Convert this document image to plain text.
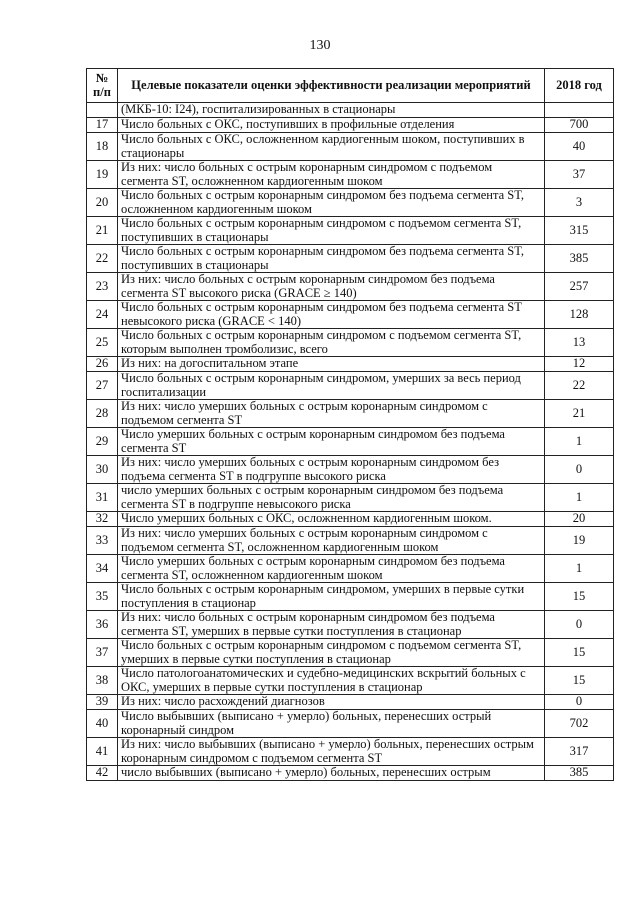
130
№ п/п	Целевые показатели оценки эффективности реализации мероприятий	2018 год
	(МКБ-10: I24), госпитализированных в стационары	
17	Число больных с ОКС, поступивших в профильные отделения	700
18	Число больных с ОКС, осложненном кардиогенным шоком, поступивших в стационары	40
19	Из них: число больных с острым коронарным синдромом с подъемом сегмента ST, осложненном кардиогенным шоком	37
20	Число больных с острым коронарным синдромом без подъема сегмента ST, осложненном кардиогенным шоком	3
21	Число больных с острым коронарным синдромом с подъемом сегмента ST, поступивших в стационары	315
22	Число больных с острым коронарным синдромом без подъема сегмента ST, поступивших в стационары	385
23	Из них: число больных с острым коронарным синдромом без подъема сегмента ST высокого риска (GRACE ≥ 140)	257
24	Число больных с острым коронарным синдромом без подъема сегмента ST невысокого риска (GRACE < 140)	128
25	Число больных с острым коронарным синдромом с подъемом сегмента ST, которым выполнен тромболизис, всего	13
26	Из них: на догоспитальном этапе	12
27	Число больных с острым коронарным синдромом, умерших за весь период госпитализации	22
28	Из них: число умерших больных с острым коронарным синдромом с подъемом сегмента ST	21
29	Число умерших больных с острым коронарным синдромом без подъема сегмента ST	1
30	Из них: число умерших больных с острым коронарным синдромом без подъема сегмента ST в подгруппе высокого риска	0
31	число умерших больных с острым коронарным синдромом без подъема сегмента ST в подгруппе невысокого риска	1
32	Число умерших больных с ОКС, осложненном кардиогенным шоком.	20
33	Из них: число умерших больных с острым коронарным синдромом с подъемом сегмента ST, осложненном кардиогенным шоком	19
34	Число умерших больных с острым коронарным синдромом без подъема сегмента ST, осложненном кардиогенным шоком	1
35	Число больных с острым коронарным синдромом, умерших в первые сутки поступления в стационар	15
36	Из них: число больных с острым коронарным синдромом без подъема сегмента ST, умерших в первые сутки поступления в стационар	0
37	Число больных с острым коронарным синдромом с подъемом сегмента ST, умерших в первые сутки поступления в стационар	15
38	Число патологоанатомических и судебно-медицинских вскрытий больных с ОКС, умерших в первые сутки поступления в стационар	15
39	Из них: число расхождений диагнозов	0
40	Число выбывших (выписано + умерло) больных, перенесших острый коронарный синдром	702
41	Из них: число выбывших (выписано + умерло) больных, перенесших острым коронарным синдромом с подъемом сегмента ST	317
42	число выбывших (выписано + умерло) больных, перенесших острым	385
